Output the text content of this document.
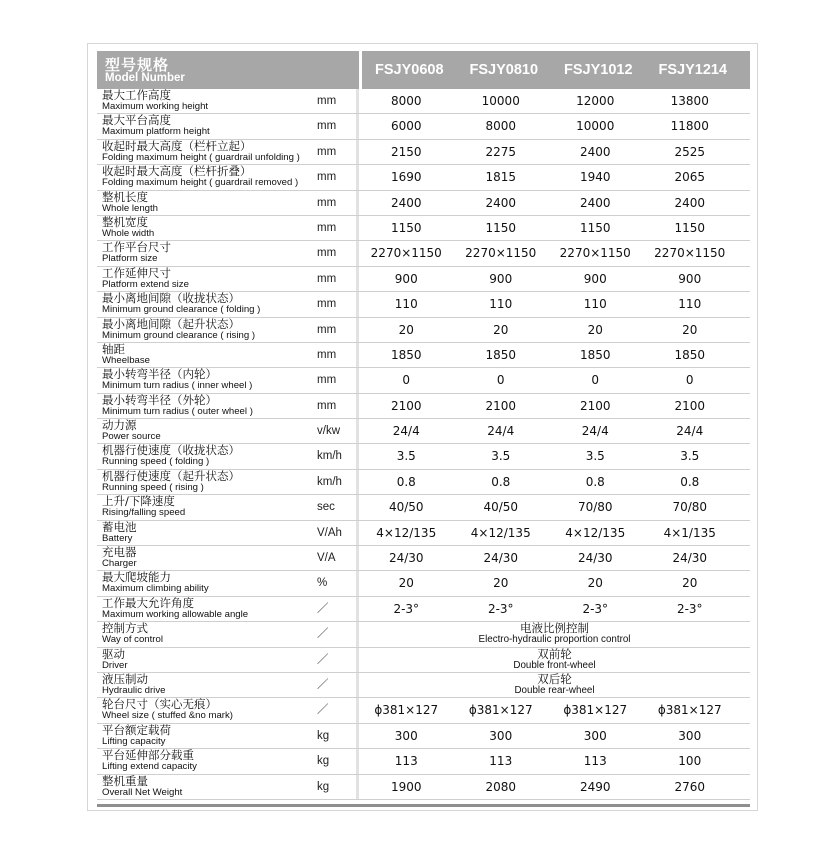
型号规格
Model Number	FSJY0608	FSJY0810	FSJY1012	FSJY1214
最大工作高度
Maximum working height	mm	8000	10000	12000	13800
最大平台高度
Maximum platform height	mm	6000	8000	10000	11800
收起时最大高度（栏杆立起）
Folding maximum height ( guardrail unfolding ) mm	2150	2275	2400	2525
收起时最大高度（栏杆折叠）
Folding maximum height ( guardrail removed ) mm	1690	1815	1940	2065
整机长度
Whole length	mm	2400	2400	2400	2400
整机宽度
Whole width	mm	1150	1150	1150	1150
工作平台尺寸
Platform size	mm	2270×1150	2270×1150	2270×1150	2270×1150
工作延伸尺寸
Platform extend size	mm	900	900	900	900
最小离地间隙（收拢状态）
Minimum ground clearance ( folding )	mm	110	110	110	110
最小离地间隙（起升状态）
Minimum ground clearance ( rising )	mm	20	20	20	20
轴距
Wheelbase	mm	1850	1850	1850	1850
最小转弯半径（内轮）
Minimum turn radius ( inner wheel )	mm	0	0	0	0
最小转弯半径（外轮）
Minimum turn radius ( outer wheel )	mm	2100	2100	2100	2100
动力源
Power source	v/kw	24/4	24/4	24/4	24/4
机器行使速度（收拢状态）
Running speed ( folding )	km/h	3.5	3.5	3.5	3.5
机器行使速度（起升状态）
Running speed ( rising )	km/h	0.8	0.8	0.8	0.8
上升/下降速度
Rising/falling speed	sec	40/50	40/50	70/80	70/80
蓄电池
Battery	V/Ah	4×12/135	4×12/135	4×12/135	4×1/135
充电器
Charger	V/A	24/30	24/30	24/30	24/30
最大爬坡能力
Maximum climbing ability	%	20	20	20	20
工作最大允许角度
Maximum working allowable angle	／	2-3°	2-3°	2-3°	2-3°
控制方式
Way of control	／	电液比例控制
Electro-hydraulic proportion control
驱动
Driver	／	双前轮
Double front-wheel
液压制动
Hydraulic drive	／	双后轮
Double rear-wheel
轮台尺寸（实心无痕）
Wheel size ( stuffed &no mark)	／	ϕ381×127	ϕ381×127	ϕ381×127	ϕ381×127
平台额定载荷
Lifting capacity	kg	300	300	300	300
平台延伸部分载重
Lifting extend capacity	kg	113	113	113	100
整机重量
Overall Net Weight	kg	1900	2080	2490	2760
